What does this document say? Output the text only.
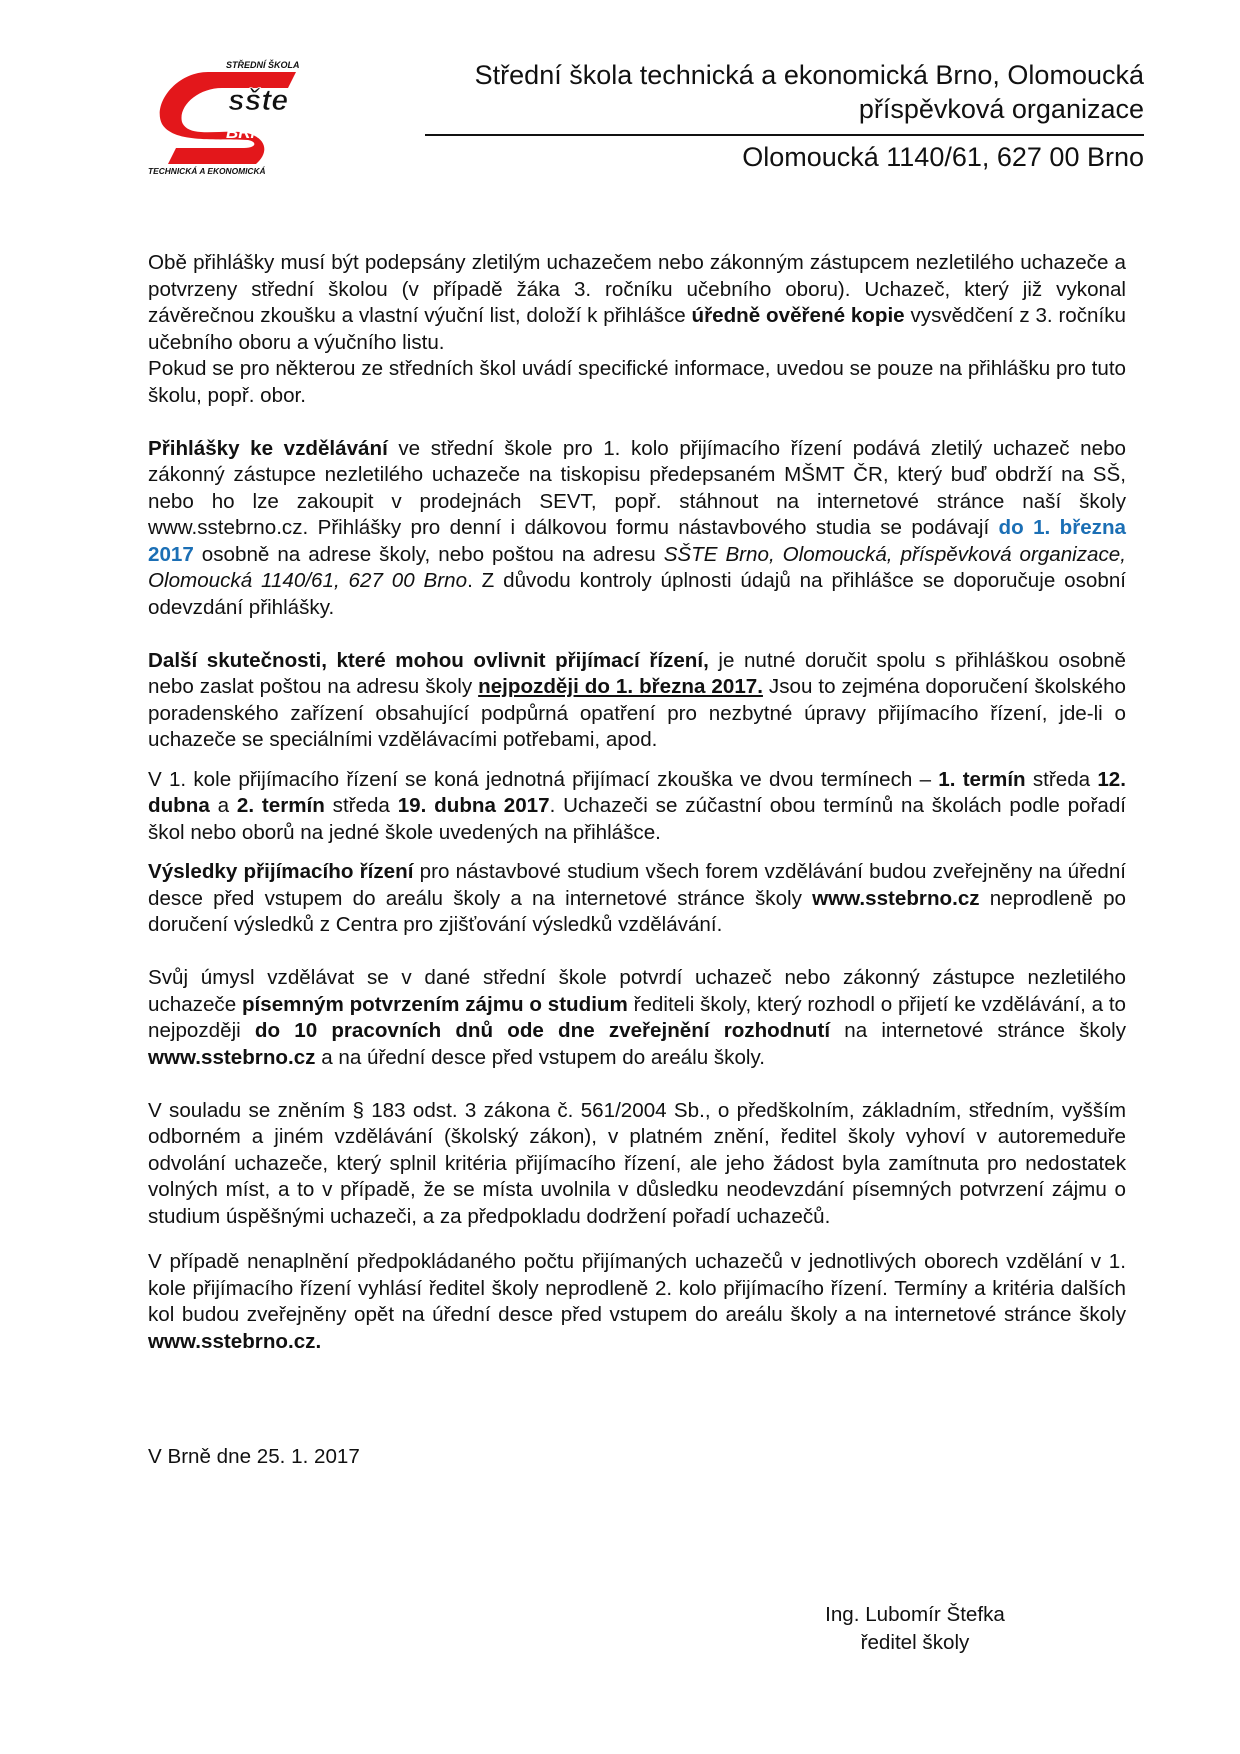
STŘEDNÍ ŠKOLA
sšte
BRNO
TECHNICKÁ A EKONOMICKÁ
Střední škola technická a ekonomická Brno, Olomoucká
příspěvková organizace
Olomoucká 1140/61, 627 00 Brno

Obě přihlášky musí být podepsány zletilým uchazečem nebo zákonným zástupcem nezletilého uchazeče a potvrzeny střední školou (v případě žáka 3. ročníku učebního oboru). Uchazeč, který již vykonal závěrečnou zkoušku a vlastní výuční list, doloží k přihlášce úředně ověřené kopie vysvědčení z 3. ročníku učebního oboru a výučního listu.

Pokud se pro některou ze středních škol uvádí specifické informace, uvedou se pouze na přihlášku pro tuto školu, popř. obor.

Přihlášky ke vzdělávání ve střední škole pro 1. kolo přijímacího řízení podává zletilý uchazeč nebo zákonný zástupce nezletilého uchazeče na tiskopisu předepsaném MŠMT ČR, který buď obdrží na SŠ, nebo ho lze zakoupit v prodejnách SEVT, popř. stáhnout na internetové stránce naší školy www.sstebrno.cz. Přihlášky pro denní i dálkovou formu nástavbového studia se podávají do 1. března 2017 osobně na adrese školy, nebo poštou na adresu SŠTE Brno, Olomoucká, příspěvková organizace, Olomoucká 1140/61, 627 00 Brno. Z důvodu kontroly úplnosti údajů na přihlášce se doporučuje osobní odevzdání přihlášky.

Další skutečnosti, které mohou ovlivnit přijímací řízení, je nutné doručit spolu s přihláškou osobně nebo zaslat poštou na adresu školy nejpozději do 1. března 2017. Jsou to zejména doporučení školského poradenského zařízení obsahující podpůrná opatření pro nezbytné úpravy přijímacího řízení, jde-li o uchazeče se speciálními vzdělávacími potřebami, apod.

V 1. kole přijímacího řízení se koná jednotná přijímací zkouška ve dvou termínech – 1. termín středa 12. dubna a 2. termín středa 19. dubna 2017. Uchazeči se zúčastní obou termínů na školách podle pořadí škol nebo oborů na jedné škole uvedených na přihlášce.

Výsledky přijímacího řízení pro nástavbové studium všech forem vzdělávání budou zveřejněny na úřední desce před vstupem do areálu školy a na internetové stránce školy www.sstebrno.cz neprodleně po doručení výsledků z Centra pro zjišťování výsledků vzdělávání.

Svůj úmysl vzdělávat se v dané střední škole potvrdí uchazeč nebo zákonný zástupce nezletilého uchazeče písemným potvrzením zájmu o studium řediteli školy, který rozhodl o přijetí ke vzdělávání, a to nejpozději do 10 pracovních dnů ode dne zveřejnění rozhodnutí na internetové stránce školy www.sstebrno.cz a na úřední desce před vstupem do areálu školy.

V souladu se zněním § 183 odst. 3 zákona č. 561/2004 Sb., o předškolním, základním, středním, vyšším odborném a jiném vzdělávání (školský zákon), v platném znění, ředitel školy vyhoví v autoremeduře odvolání uchazeče, který splnil kritéria přijímacího řízení, ale jeho žádost byla zamítnuta pro nedostatek volných míst, a to v případě, že se místa uvolnila v důsledku neodevzdání písemných potvrzení zájmu o studium úspěšnými uchazeči, a za předpokladu dodržení pořadí uchazečů.

V případě nenaplnění předpokládaného počtu přijímaných uchazečů v jednotlivých oborech vzdělání v 1. kole přijímacího řízení vyhlásí ředitel školy neprodleně 2. kolo přijímacího řízení. Termíny a kritéria dalších kol budou zveřejněny opět na úřední desce před vstupem do areálu školy a na internetové stránce školy www.sstebrno.cz.

V Brně dne 25. 1. 2017
Ing. Lubomír Štefka
ředitel školy
